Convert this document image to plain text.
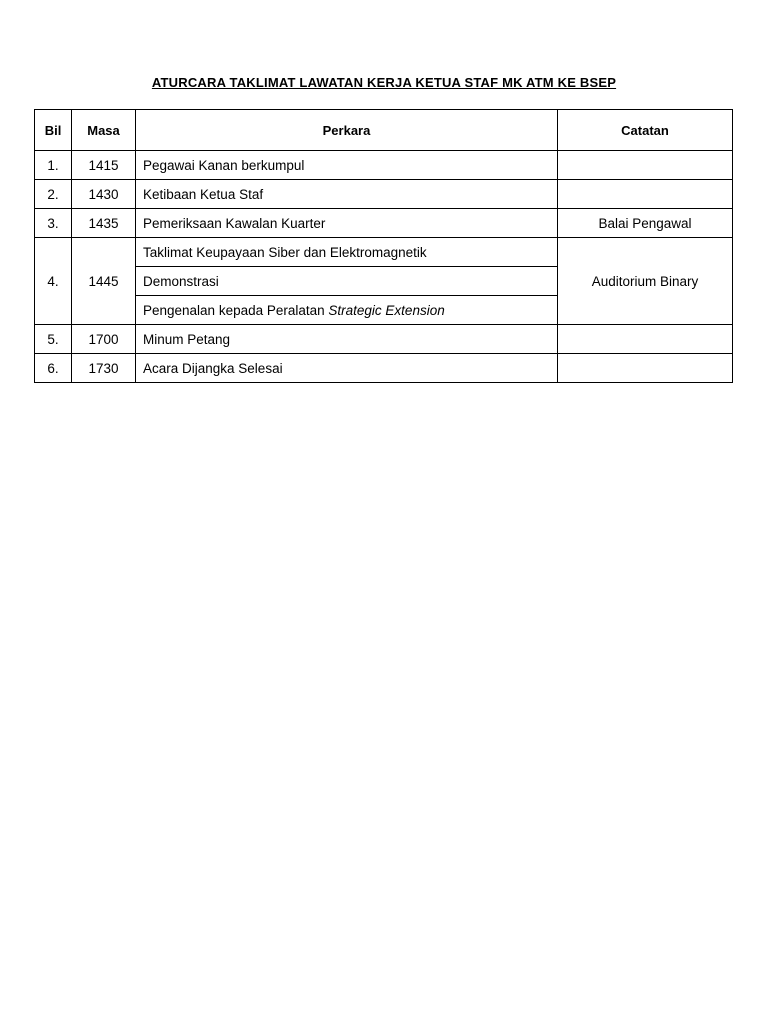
ATURCARA TAKLIMAT LAWATAN KERJA KETUA STAF MK ATM KE BSEP
Bil	Masa	Perkara	Catatan
1.	1415	Pegawai Kanan berkumpul	
2.	1430	Ketibaan Ketua Staf	
3.	1435	Pemeriksaan Kawalan Kuarter	Balai Pengawal
4.	1445	Taklimat Keupayaan Siber dan Elektromagnetik	Auditorium Binary
		Demonstrasi	
		Pengenalan kepada Peralatan Strategic Extension	
5.	1700	Minum Petang	
6.	1730	Acara Dijangka Selesai	
